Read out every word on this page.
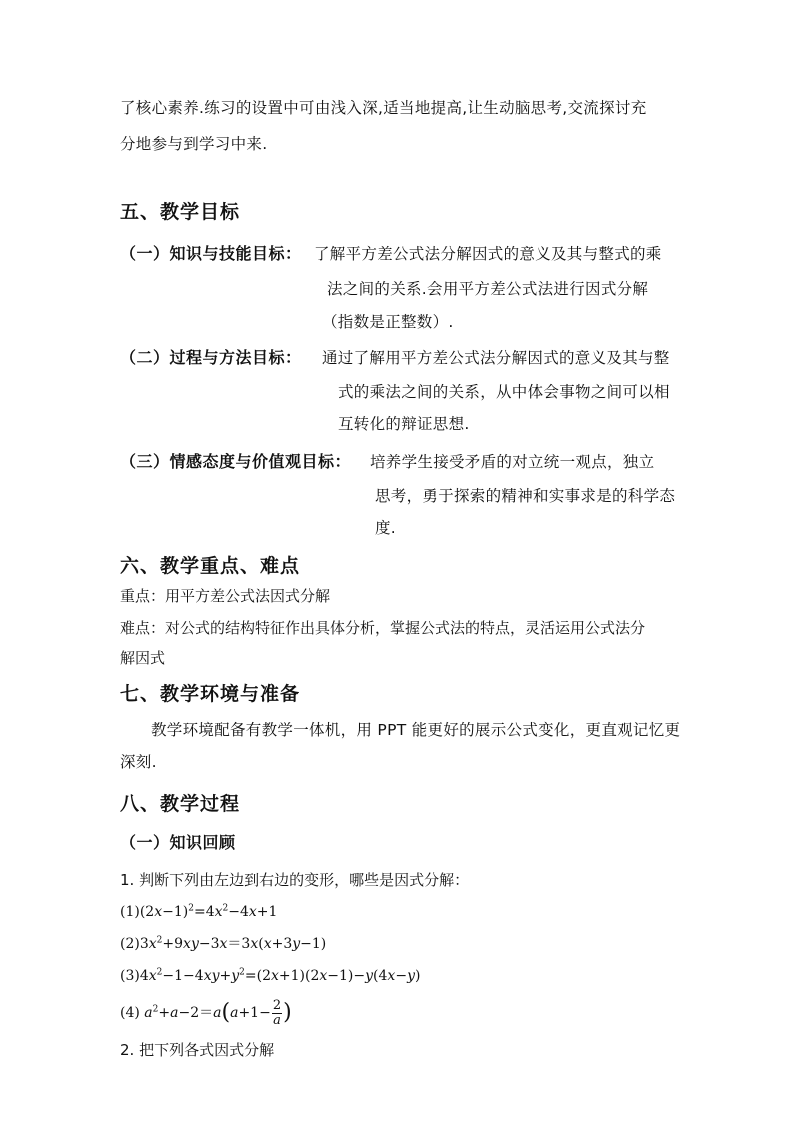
了核心素养.练习的设置中可由浅入深,适当地提高,让生动脑思考,交流探讨充
分地参与到学习中来.
五、教学目标
（一）知识与技能目标： 了解平方差公式法分解因式的意义及其与整式的乘
法之间的关系.会用平方差公式法进行因式分解
（指数是正整数）.
（二）过程与方法目标： 通过了解用平方差公式法分解因式的意义及其与整
式的乘法之间的关系，从中体会事物之间可以相
互转化的辩证思想.
（三）情感态度与价值观目标： 培养学生接受矛盾的对立统一观点，独立
思考，勇于探索的精神和实事求是的科学态
度.
六、教学重点、难点
重点：用平方差公式法因式分解
难点：对公式的结构特征作出具体分析，掌握公式法的特点，灵活运用公式法分
解因式
七、教学环境与准备
教学环境配备有教学一体机，用 PPT 能更好的展示公式变化，更直观记忆更
深刻.
八、教学过程
（一）知识回顾
1. 判断下列由左边到右边的变形，哪些是因式分解：
$(1)(2x-1)^2=4x^2-4x+1$
$(2)3x^2+9xy-3x=3x(x+3y-1)$
$(3)4x^2-1-4xy+y^2=(2x+1)(2x-1)-y(4x-y)$
(4) $a^2+a-2=a(a+1- \frac{2}{a}$ )
2. 把下列各式因式分解
